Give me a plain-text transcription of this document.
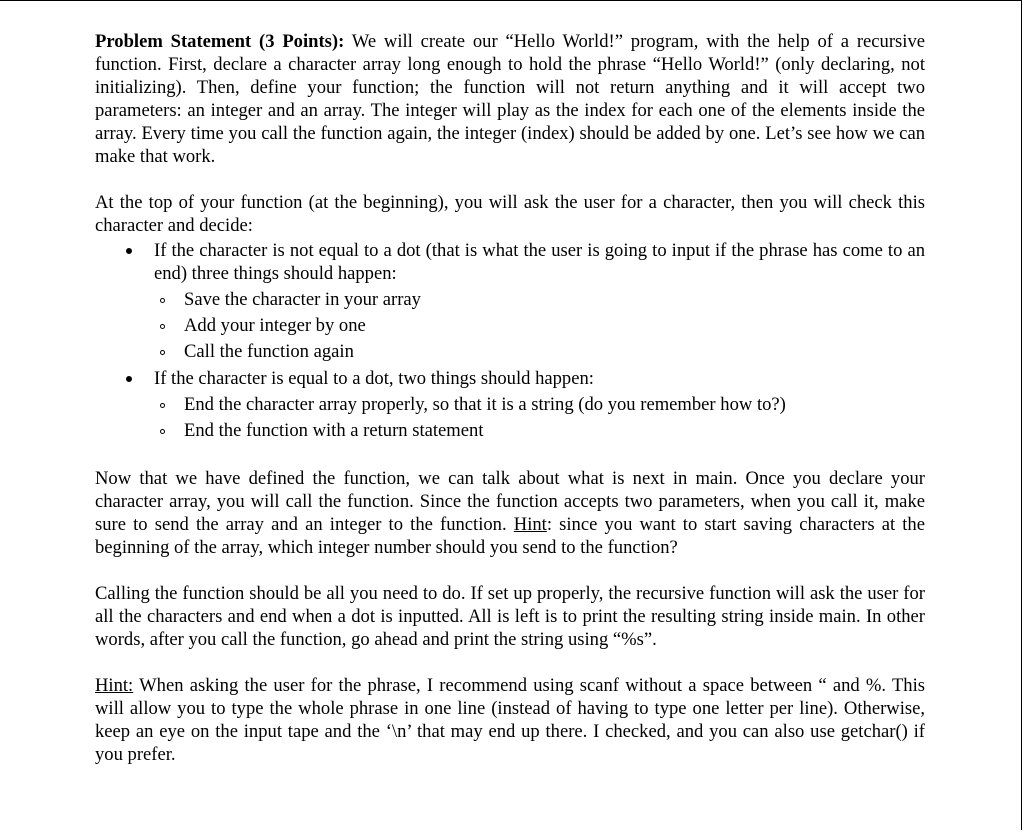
Problem Statement (3 Points): We will create our “Hello World!” program, with the help of a recursive function. First, declare a character array long enough to hold the phrase “Hello World!” (only declaring, not initializing). Then, define your function; the function will not return anything and it will accept two parameters: an integer and an array. The integer will play as the index for each one of the elements inside the array. Every time you call the function again, the integer (index) should be added by one. Let’s see how we can make that work.

At the top of your function (at the beginning), you will ask the user for a character, then you will check this character and decide:

If the character is not equal to a dot (that is what the user is going to input if the phrase has come to an end) three things should happen:
Save the character in your array
Add your integer by one
Call the function again
If the character is equal to a dot, two things should happen:
End the character array properly, so that it is a string (do you remember how to?)
End the function with a return statement

Now that we have defined the function, we can talk about what is next in main. Once you declare your character array, you will call the function. Since the function accepts two parameters, when you call it, make sure to send the array and an integer to the function. Hint: since you want to start saving characters at the beginning of the array, which integer number should you send to the function?

Calling the function should be all you need to do. If set up properly, the recursive function will ask the user for all the characters and end when a dot is inputted. All is left is to print the resulting string inside main. In other words, after you call the function, go ahead and print the string using “%s”.

Hint: When asking the user for the phrase, I recommend using scanf without a space between “ and %. This will allow you to type the whole phrase in one line (instead of having to type one letter per line). Otherwise, keep an eye on the input tape and the ‘\n’ that may end up there. I checked, and you can also use getchar() if you prefer.
